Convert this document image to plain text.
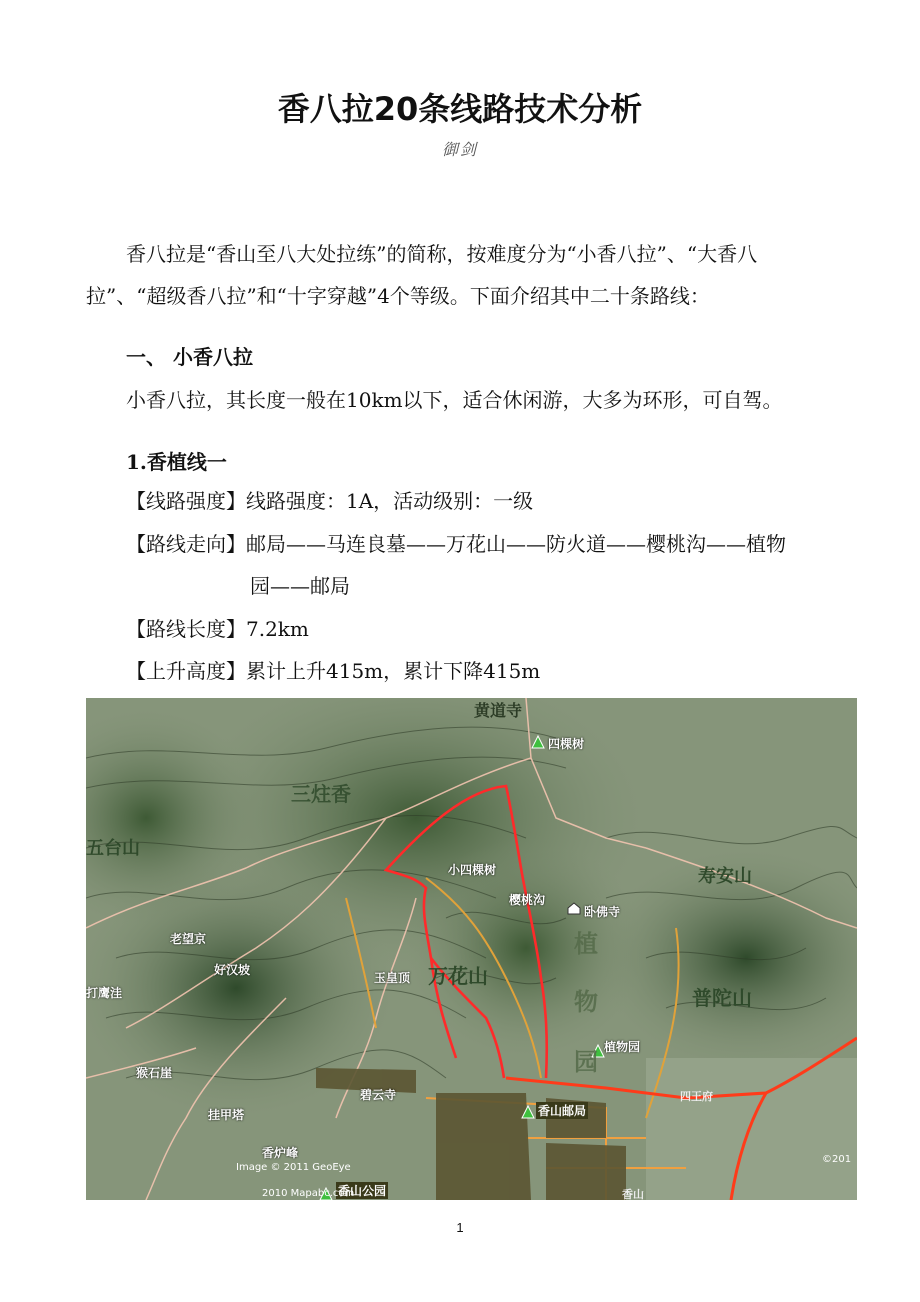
香八拉20条线路技术分析
御剑
香八拉是“香山至八大处拉练”的简称，按难度分为“小香八拉”、“大香八拉”、“超级香八拉”和“十字穿越”4个等级。下面介绍其中二十条路线：
一、 小香八拉
小香八拉，其长度一般在10km以下，适合休闲游，大多为环形，可自驾。
1.香植线一
【线路强度】线路强度：1A，活动级别：一级
【路线走向】邮局——马连良墓——万花山——防火道——樱桃沟——植物
园——邮局
【路线长度】7.2km
【上升高度】累计上升415m，累计下降415m
黄道寺
四棵树
三炷香
五台山
小四棵树
樱桃沟
卧佛寺
寿安山
植
物
园
老望京
好汉坡
玉皇顶 万花山
普陀山
打鹰洼
植物园
猴石崖
碧云寺
香山邮局
四王府
挂甲塔
香炉峰
香山公园	香山
Image © 2011 GeoEye
2010 Mapabc.com
©201
1
